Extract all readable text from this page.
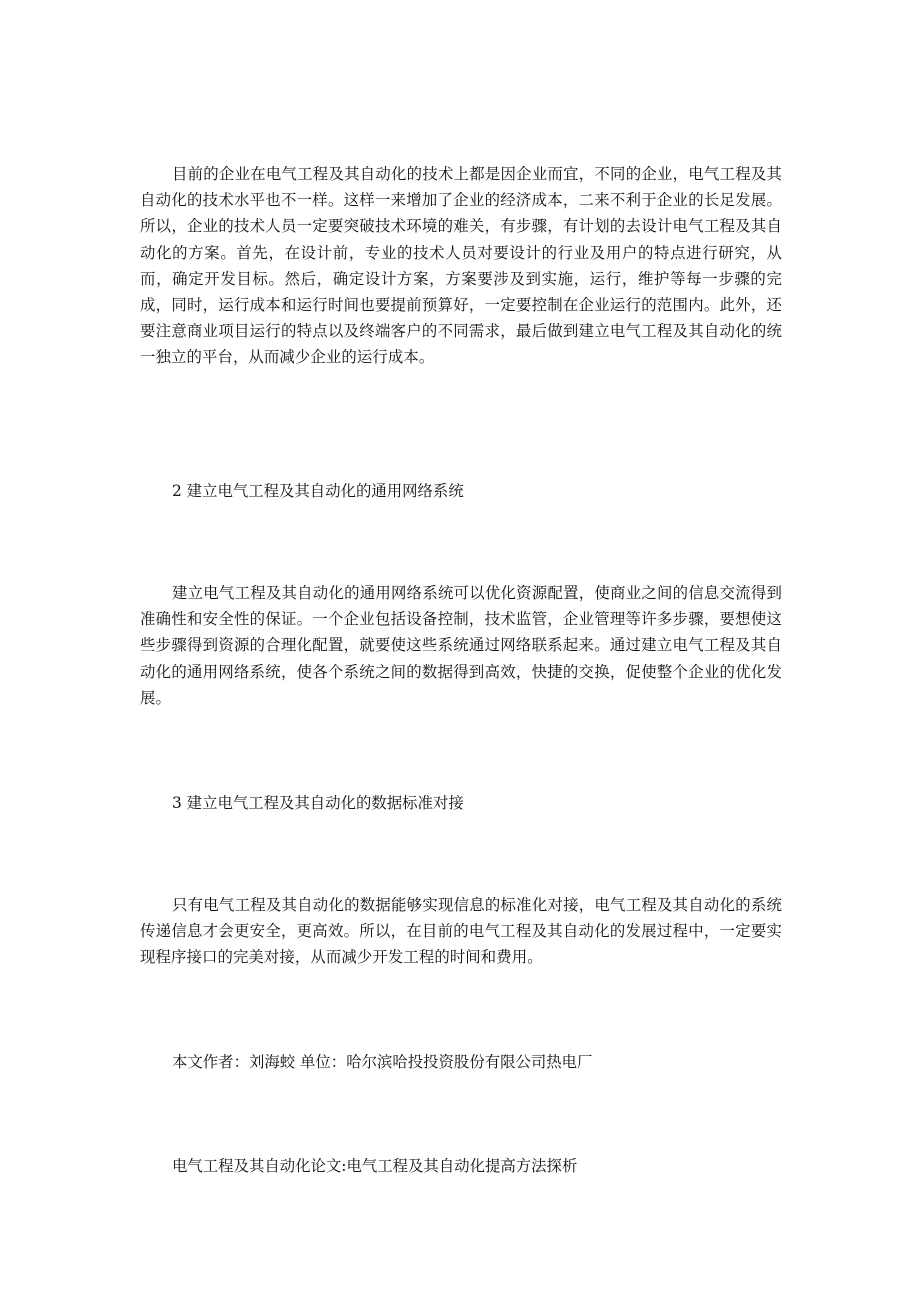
目前的企业在电气工程及其自动化的技术上都是因企业而宜，不同的企业，电气工程及其自动化的技术水平也不一样。这样一来增加了企业的经济成本，二来不利于企业的长足发展。所以，企业的技术人员一定要突破技术环境的难关，有步骤，有计划的去设计电气工程及其自动化的方案。首先，在设计前，专业的技术人员对要设计的行业及用户的特点进行研究，从而，确定开发目标。然后，确定设计方案，方案要涉及到实施，运行，维护等每一步骤的完成，同时，运行成本和运行时间也要提前预算好，一定要控制在企业运行的范围内。此外，还要注意商业项目运行的特点以及终端客户的不同需求，最后做到建立电气工程及其自动化的统一独立的平台，从而减少企业的运行成本。

2 建立电气工程及其自动化的通用网络系统

建立电气工程及其自动化的通用网络系统可以优化资源配置，使商业之间的信息交流得到准确性和安全性的保证。一个企业包括设备控制，技术监管，企业管理等许多步骤，要想使这些步骤得到资源的合理化配置，就要使这些系统通过网络联系起来。通过建立电气工程及其自动化的通用网络系统，使各个系统之间的数据得到高效，快捷的交换，促使整个企业的优化发展。

3 建立电气工程及其自动化的数据标准对接

只有电气工程及其自动化的数据能够实现信息的标准化对接，电气工程及其自动化的系统传递信息才会更安全，更高效。所以，在目前的电气工程及其自动化的发展过程中，一定要实现程序接口的完美对接，从而减少开发工程的时间和费用。

本文作者：刘海蛟 单位：哈尔滨哈投投资股份有限公司热电厂

电气工程及其自动化论文:电气工程及其自动化提高方法探析
